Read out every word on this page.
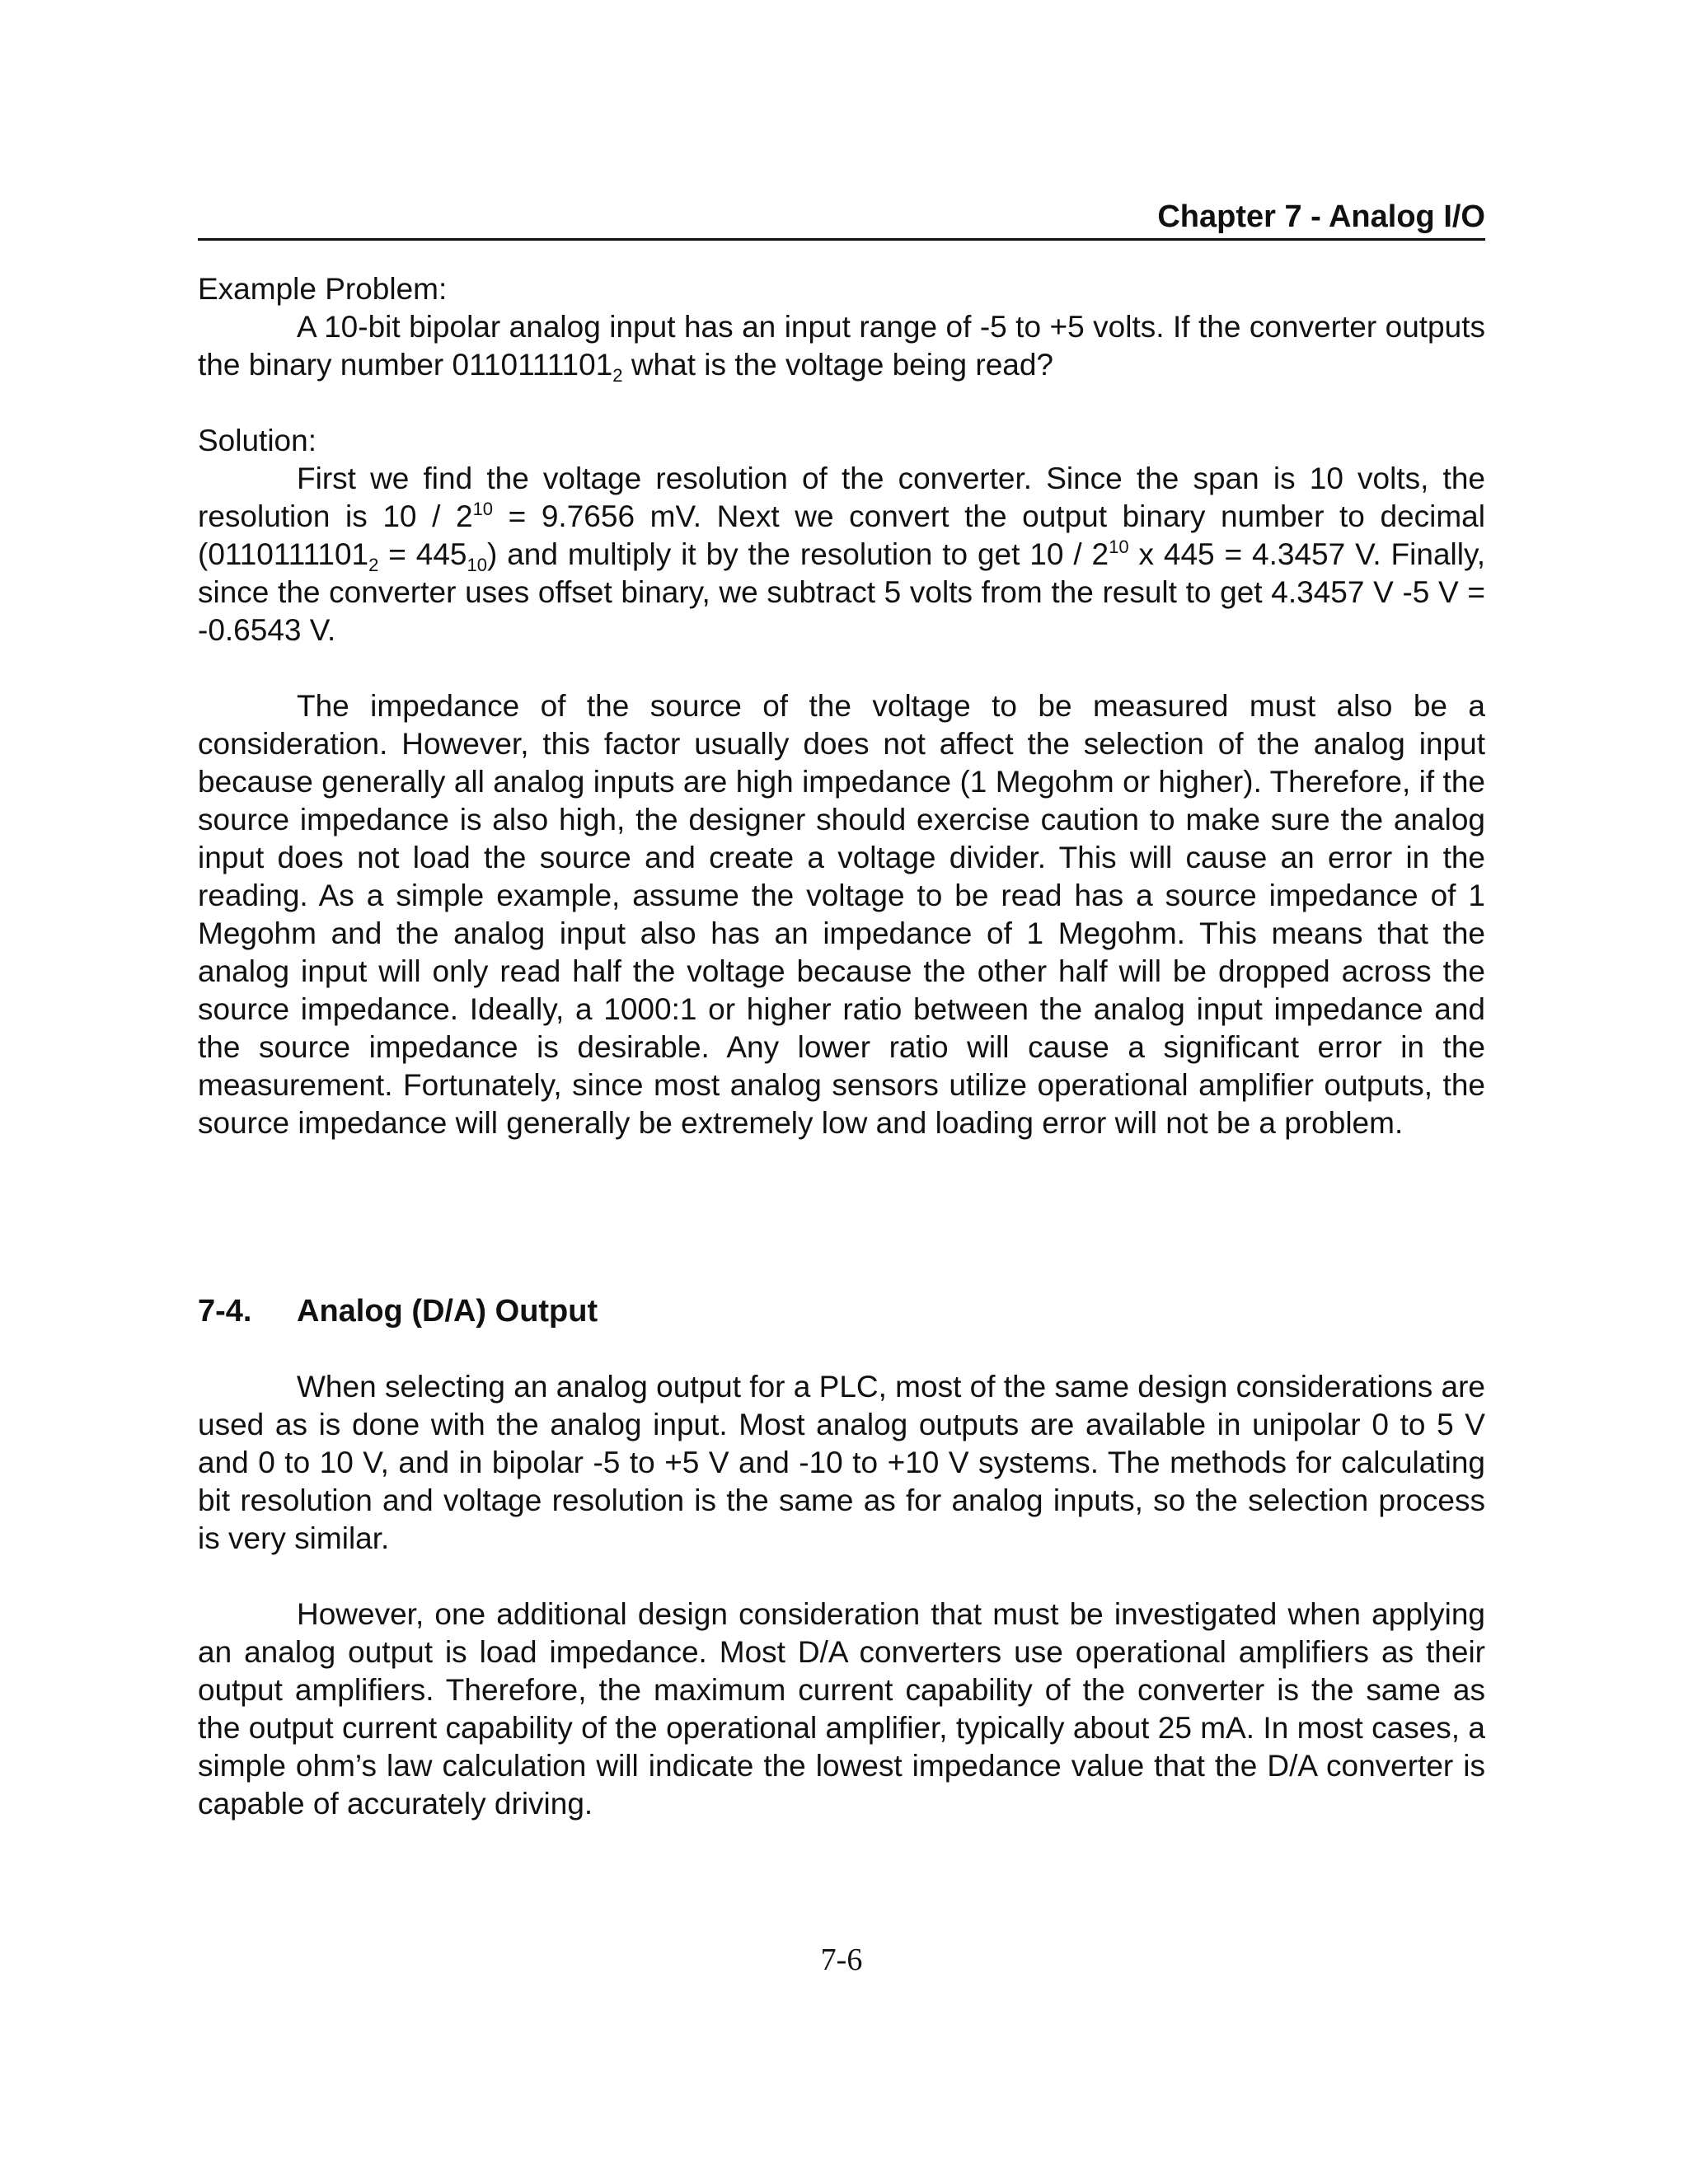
Chapter 7 - Analog I/O

Example Problem:

A 10-bit bipolar analog input has an input range of -5 to +5 volts. If the converter outputs the binary number $0110111101_2$ what is the voltage being read?

Solution:

First we find the voltage resolution of the converter. Since the span is 10 volts, the resolution is $10 / 2^{10} = 9.7656$ mV. Next we convert the output binary number to decimal $(0110111101_2 = 445_{10})$ and multiply it by the resolution to get $10 / 2^{10}$ x 445 = 4.3457 V. Finally, since the converter uses offset binary, we subtract 5 volts from the result to get 4.3457 V -5 V = -0.6543 V.

The impedance of the source of the voltage to be measured must also be a consideration. However, this factor usually does not affect the selection of the analog input because generally all analog inputs are high impedance (1 Megohm or higher). Therefore, if the source impedance is also high, the designer should exercise caution to make sure the analog input does not load the source and create a voltage divider. This will cause an error in the reading. As a simple example, assume the voltage to be read has a source impedance of 1 Megohm and the analog input also has an impedance of 1 Megohm. This means that the analog input will only read half the voltage because the other half will be dropped across the source impedance. Ideally, a 1000:1 or higher ratio between the analog input impedance and the source impedance is desirable. Any lower ratio will cause a significant error in the measurement. Fortunately, since most analog sensors utilize operational amplifier outputs, the source impedance will generally be extremely low and loading error will not be a problem.

7-4. Analog (D/A) Output

When selecting an analog output for a PLC, most of the same design considerations are used as is done with the analog input. Most analog outputs are available in unipolar 0 to 5 V and 0 to 10 V, and in bipolar -5 to +5 V and -10 to +10 V systems. The methods for calculating bit resolution and voltage resolution is the same as for analog inputs, so the selection process is very similar.

However, one additional design consideration that must be investigated when applying an analog output is load impedance. Most D/A converters use operational amplifiers as their output amplifiers. Therefore, the maximum current capability of the converter is the same as the output current capability of the operational amplifier, typically about 25 mA. In most cases, a simple ohm’s law calculation will indicate the lowest impedance value that the D/A converter is capable of accurately driving.

7-6
